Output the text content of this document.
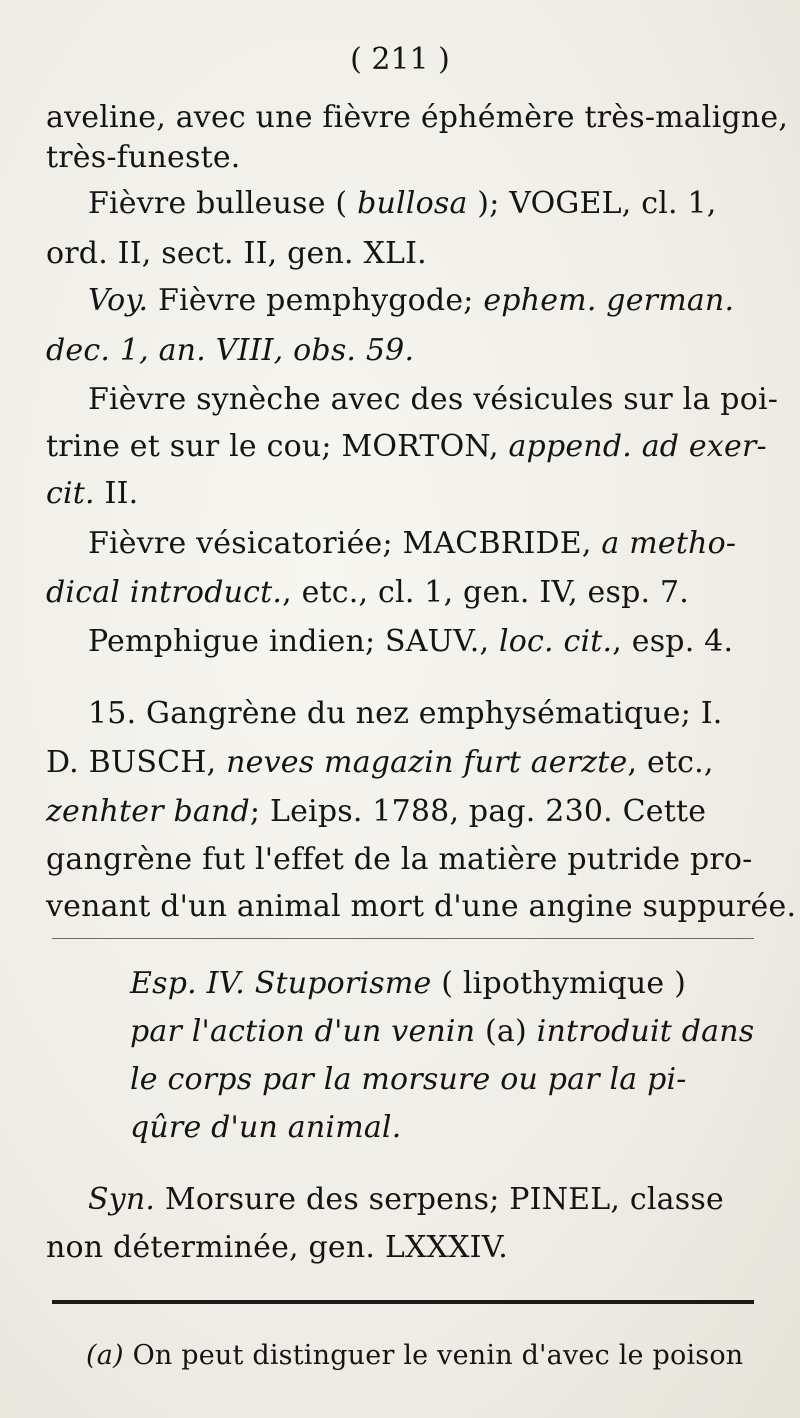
( 211 )
aveline, avec une fièvre éphémère très-maligne,
très-funeste.
Fièvre bulleuse ( bullosa ); VOGEL, cl. 1,
ord. II, sect. II, gen. XLI.
Voy. Fièvre pemphygode; ephem. german.
dec. 1, an. VIII, obs. 59.
Fièvre synèche avec des vésicules sur la poi-
trine et sur le cou; MORTON, append. ad exer-
cit. II.
Fièvre vésicatoriée; MACBRIDE, a metho-
dical introduct., etc., cl. 1, gen. IV, esp. 7.
Pemphigue indien; SAUV., loc. cit., esp. 4.
15. Gangrène du nez emphysématique; I.
D. BUSCH, neves magazin furt aerzte, etc.,
zenhter band; Leips. 1788, pag. 230. Cette
gangrène fut l'effet de la matière putride pro-
venant d'un animal mort d'une angine suppurée.
Esp. IV. Stuporisme ( lipothymique )
par l'action d'un venin (a) introduit dans
le corps par la morsure ou par la pi-
qûre d'un animal.
Syn. Morsure des serpens; PINEL, classe
non déterminée, gen. LXXXIV.
(a) On peut distinguer le venin d'avec le poison
